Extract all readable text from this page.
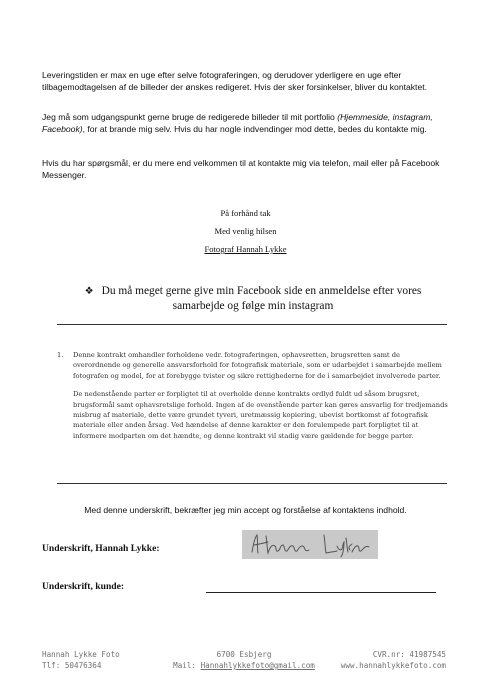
Leveringstiden er max en uge efter selve fotograferingen, og derudover yderligere en uge efter tilbagemodtagelsen af de billeder der ønskes redigeret. Hvis der sker forsinkelser, bliver du kontaktet.

Jeg må som udgangspunkt gerne bruge de redigerede billeder til mit portfolio (Hjemmeside, instagram, Facebook), for at brande mig selv. Hvis du har nogle indvendinger mod dette, bedes du kontakte mig.

Hvis du har spørgsmål, er du mere end velkommen til at kontakte mig via telefon, mail eller på Facebook Messenger.

På forhånd tak
Med venlig hilsen
Fotograf Hannah Lykke
❖ Du må meget gerne give min Facebook side en anmeldelse efter vores samarbejde og følge min instagram
1. Denne kontrakt omhandler forholdene vedr. fotograferingen, ophavsretten, brugsretten samt de overordnende og generelle ansvarsforhold for fotografisk materiale, som er udarbejdet i samarbejde mellem fotografen og model, for at forebygge tvister og sikre rettighederne for de i samarbejdet involverede parter.

De nedenstående parter er forpligtet til at overholde denne kontrakts ordlyd fuldt ud såsom brugsret, brugsformål samt ophavsretslige forhold. Ingen af de ovenstående parter kan gøres ansvarlig for tredjemands misbrug af materiale, dette være grundet tyveri, uretmæssig kopiering, ubevist bortkomst af fotografisk materiale eller anden årsag. Ved hændelse af denne karakter er den forulempede part forpligtet til at informere modparten om det hændte, og denne kontrakt vil stadig være gældende for begge parter.

Med denne underskrift, bekræfter jeg min accept og forståelse af kontaktens indhold.
Underskrift, Hannah Lykke:
Underskrift, kunde:
Hannah Lykke Foto	6700 Esbjerg	CVR.nr: 41987545
Tlf: 50476364	Mail: Hannahlykkefoto@gmail.com	www.hannahlykkefoto.com
